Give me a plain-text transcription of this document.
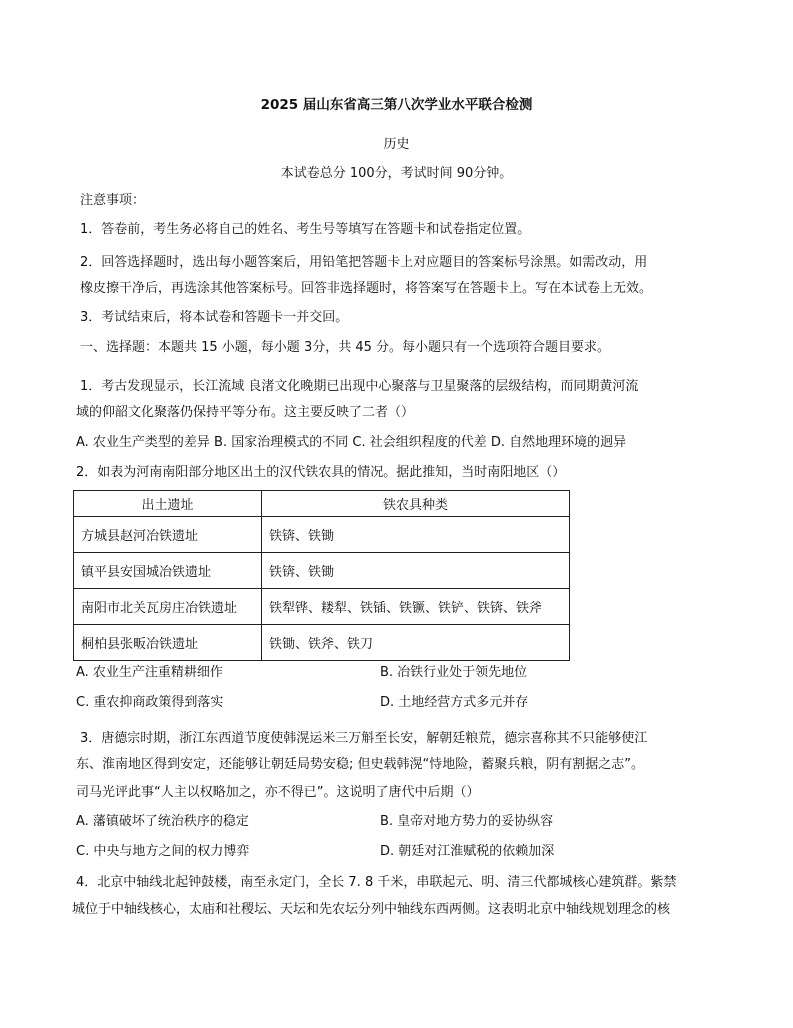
2025 届山东省高三第八次学业水平联合检测
历史
本试卷总分 100分，考试时间 90分钟。
注意事项：
1．答卷前，考生务必将自己的姓名、考生号等填写在答题卡和试卷指定位置。
2．回答选择题时，选出每小题答案后，用铅笔把答题卡上对应题目的答案标号涂黑。如需改动，用
橡皮擦干净后，再选涂其他答案标号。回答非选择题时，将答案写在答题卡上。写在本试卷上无效。
3．考试结束后，将本试卷和答题卡一并交回。
一、选择题：本题共 15 小题，每小题 3分，共 45 分。每小题只有一个选项符合题目要求。
1．考古发现显示，长江流域 良渚文化晚期已出现中心聚落与卫星聚落的层级结构，而同期黄河流
域的仰韶文化聚落仍保持平等分布。这主要反映了二者（）
A. 农业生产类型的差异 B. 国家治理模式的不同 C. 社会组织程度的代差 D. 自然地理环境的迥异
2．如表为河南南阳部分地区出土的汉代铁农具的情况。据此推知，当时南阳地区（）
出土遗址	铁农具种类
方城县赵河冶铁遗址	铁锛、铁锄
镇平县安国城冶铁遗址	铁锛、铁锄
南阳市北关瓦房庄冶铁遗址	铁犁铧、耧犁、铁锸、铁镢、铁铲、铁锛、铁斧
桐柏县张畈冶铁遗址	铁锄、铁斧、铁刀
A. 农业生产注重精耕细作	B. 冶铁行业处于领先地位
C. 重农抑商政策得到落实	D. 土地经营方式多元并存
3．唐德宗时期，浙江东西道节度使韩滉运米三万斛至长安，解朝廷粮荒，德宗喜称其不只能够使江
东、淮南地区得到安定，还能够让朝廷局势安稳; 但史载韩滉“恃地险，蓄聚兵粮，阴有割据之志”。
司马光评此事“人主以权略加之，亦不得已”。这说明了唐代中后期（）
A. 藩镇破坏了统治秩序的稳定	B. 皇帝对地方势力的妥协纵容
C. 中央与地方之间的权力博弈	D. 朝廷对江淮赋税的依赖加深
4．北京中轴线北起钟鼓楼，南至永定门，全长 7. 8 千米，串联起元、明、清三代都城核心建筑群。紫禁
城位于中轴线核心，太庙和社稷坛、天坛和先农坛分列中轴线东西两侧。这表明北京中轴线规划理念的核
